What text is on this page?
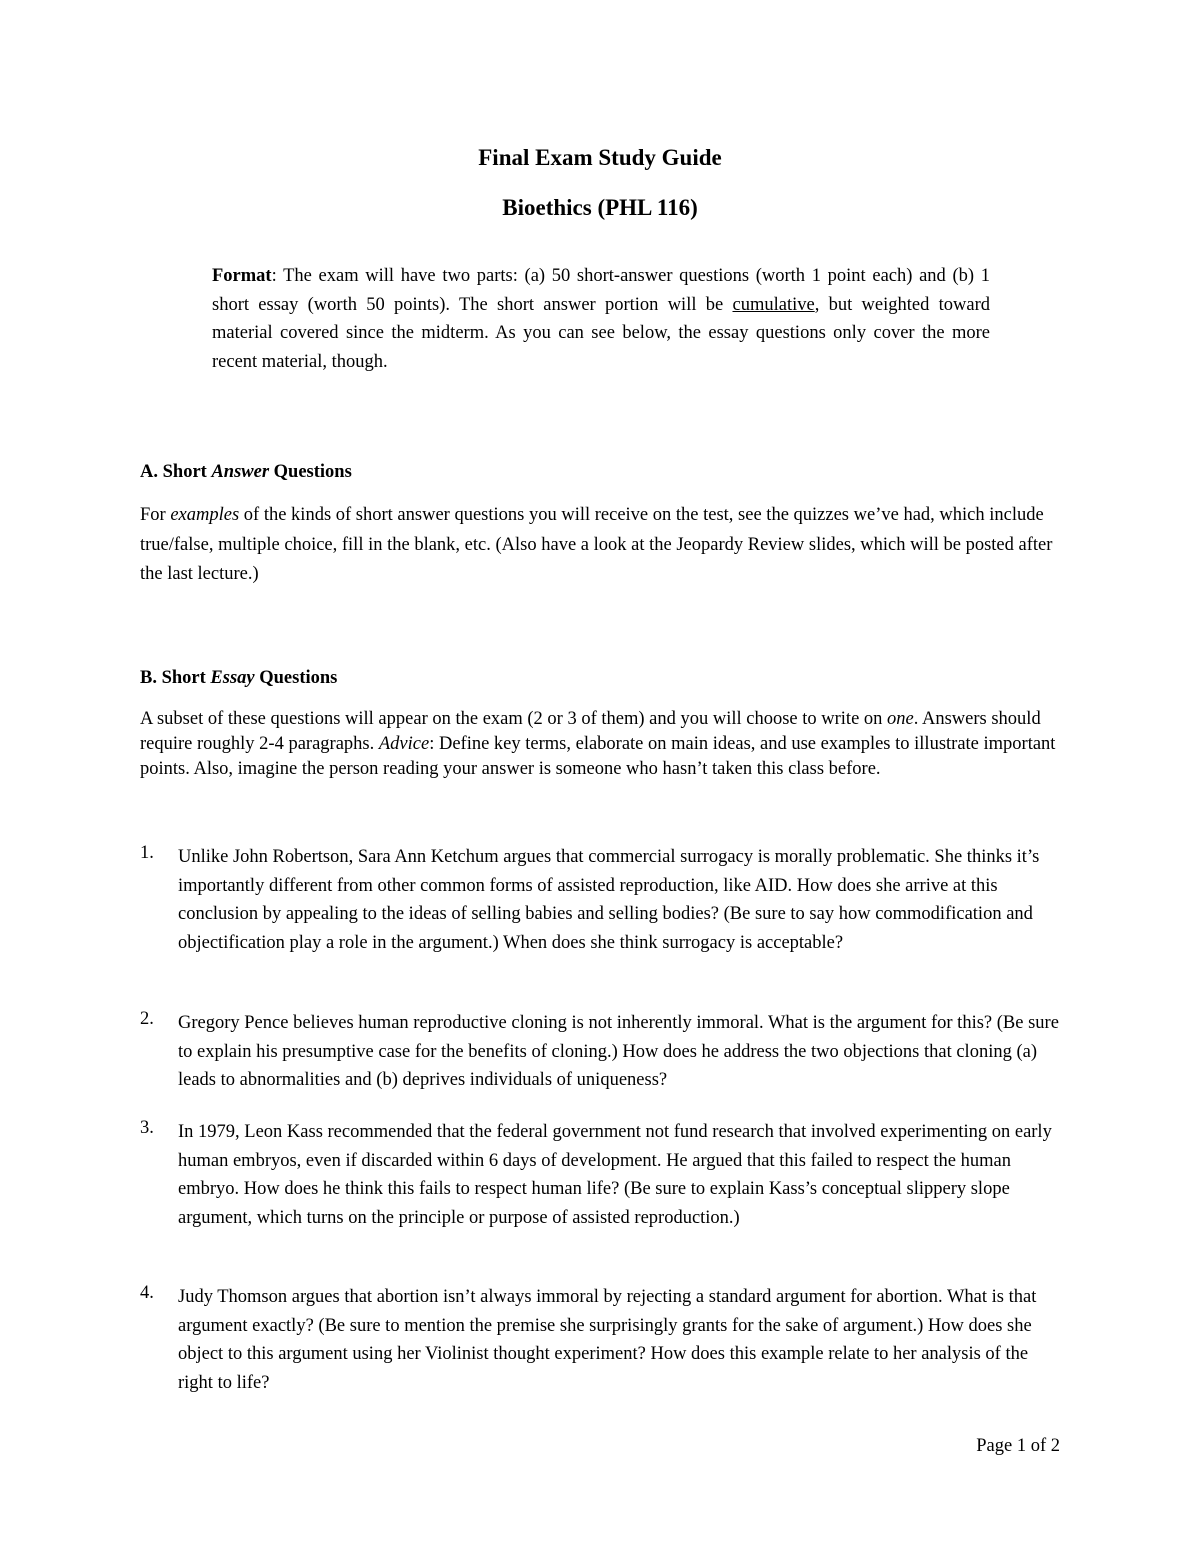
Final Exam Study Guide
Bioethics (PHL 116)

Format: The exam will have two parts: (a) 50 short-answer questions (worth 1 point each) and (b) 1 short essay (worth 50 points). The short answer portion will be cumulative, but weighted toward material covered since the midterm. As you can see below, the essay questions only cover the more recent material, though.

A. Short Answer Questions

For examples of the kinds of short answer questions you will receive on the test, see the quizzes we’ve had, which include true/false, multiple choice, fill in the blank, etc. (Also have a look at the Jeopardy Review slides, which will be posted after the last lecture.)

B. Short Essay Questions

A subset of these questions will appear on the exam (2 or 3 of them) and you will choose to write on one. Answers should require roughly 2-4 paragraphs. Advice: Define key terms, elaborate on main ideas, and use examples to illustrate important points. Also, imagine the person reading your answer is someone who hasn’t taken this class before.

1.	Unlike John Robertson, Sara Ann Ketchum argues that commercial surrogacy is morally problematic. She thinks it’s importantly different from other common forms of assisted reproduction, like AID. How does she arrive at this conclusion by appealing to the ideas of selling babies and selling bodies? (Be sure to say how commodification and objectification play a role in the argument.) When does she think surrogacy is acceptable?
2.	Gregory Pence believes human reproductive cloning is not inherently immoral. What is the argument for this? (Be sure to explain his presumptive case for the benefits of cloning.) How does he address the two objections that cloning (a) leads to abnormalities and (b) deprives individuals of uniqueness?
3.	In 1979, Leon Kass recommended that the federal government not fund research that involved experimenting on early human embryos, even if discarded within 6 days of development. He argued that this failed to respect the human embryo. How does he think this fails to respect human life? (Be sure to explain Kass’s conceptual slippery slope argument, which turns on the principle or purpose of assisted reproduction.)
4.	Judy Thomson argues that abortion isn’t always immoral by rejecting a standard argument for abortion. What is that argument exactly? (Be sure to mention the premise she surprisingly grants for the sake of argument.) How does she object to this argument using her Violinist thought experiment? How does this example relate to her analysis of the right to life?

Page 1 of 2
